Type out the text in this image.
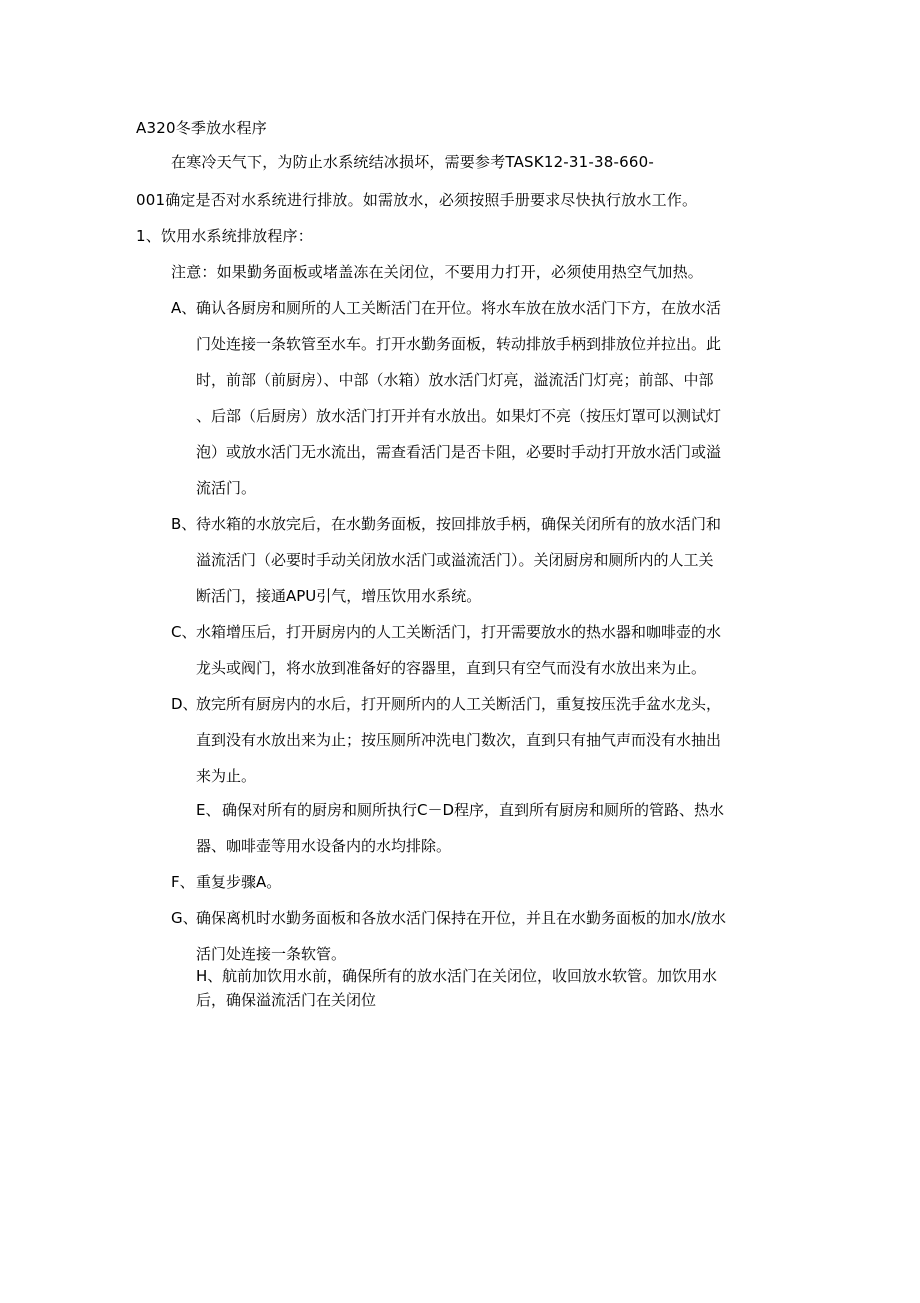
A320冬季放水程序
在寒冷天气下，为防止水系统结冰损坏，需要参考TASK12-31-38-660-
001确定是否对水系统进行排放。如需放水，必须按照手册要求尽快执行放水工作。
1、饮用水系统排放程序：
注意：如果勤务面板或堵盖冻在关闭位，不要用力打开，必须使用热空气加热。
A、 确认各厨房和厕所的人工关断活门在开位。将水车放在放水活门下方，在放水活
门处连接一条软管至水车。打开水勤务面板，转动排放手柄到排放位并拉出。此
时，前部（前厨房）、中部（水箱）放水活门灯亮，溢流活门灯亮；前部、中部
、后部（后厨房）放水活门打开并有水放出。如果灯不亮（按压灯罩可以测试灯
泡）或放水活门无水流出，需查看活门是否卡阻，必要时手动打开放水活门或溢
流活门。
B、 待水箱的水放完后，在水勤务面板，按回排放手柄，确保关闭所有的放水活门和
溢流活门（必要时手动关闭放水活门或溢流活门）。关闭厨房和厕所内的人工关
断活门，接通APU引气，增压饮用水系统。
C、 水箱增压后，打开厨房内的人工关断活门，打开需要放水的热水器和咖啡壶的水
龙头或阀门，将水放到准备好的容器里，直到只有空气而没有水放出来为止。
D、
放完所有厨房内的水后，打开厕所内的人工关断活门，重复按压洗手盆水龙头，
直到没有水放出来为止；按压厕所冲洗电门数次，直到只有抽气声而没有水抽出
来为止。
E、 确保对所有的厨房和厕所执行C－D程序，直到所有厨房和厕所的管路、热水
器、咖啡壶等用水设备内的水均排除。
F、 重复步骤A。
G、
确保离机时水勤务面板和各放水活门保持在开位，并且在水勤务面板的加水/放水
活门处连接一条软管。
H、 航前加饮用水前，确保所有的放水活门在关闭位，收回放水软管。加饮用水
后，确保溢流活门在关闭位
